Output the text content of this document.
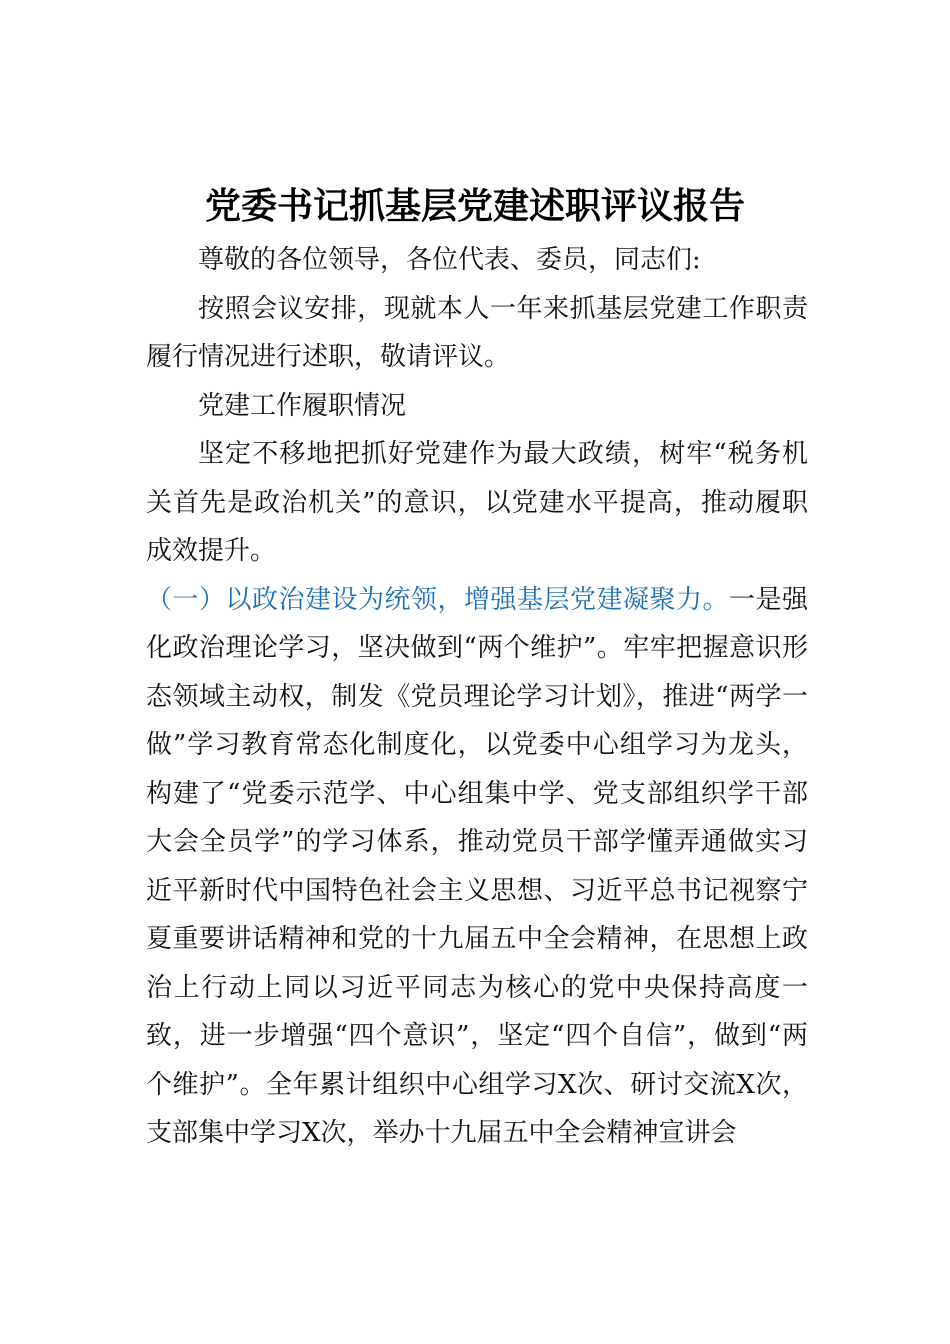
党委书记抓基层党建述职评议报告

尊敬的各位领导，各位代表、委员，同志们:

按照会议安排，现就本人一年来抓基层党建工作职责履行情况进行述职，敬请评议。

党建工作履职情况

坚定不移地把抓好党建作为最大政绩，树牢“税务机关首先是政治机关”的意识，以党建水平提高，推动履职成效提升。

（一）以政治建设为统领，增强基层党建凝聚力。一是强化政治理论学习，坚决做到“两个维护”。牢牢把握意识形态领域主动权，制发《党员理论学习计划》，推进“两学一做”学习教育常态化制度化，以党委中心组学习为龙头，构建了“党委示范学、中心组集中学、党支部组织学干部大会全员学”的学习体系，推动党员干部学懂弄通做实习近平新时代中国特色社会主义思想、习近平总书记视察宁夏重要讲话精神和党的十九届五中全会精神，在思想上政治上行动上同以习近平同志为核心的党中央保持高度一致，进一步增强“四个意识”，坚定“四个自信”，做到“两个维护”。全年累计组织中心组学习X次、研讨交流X次，支部集中学习X次，举办十九届五中全会精神宣讲会
